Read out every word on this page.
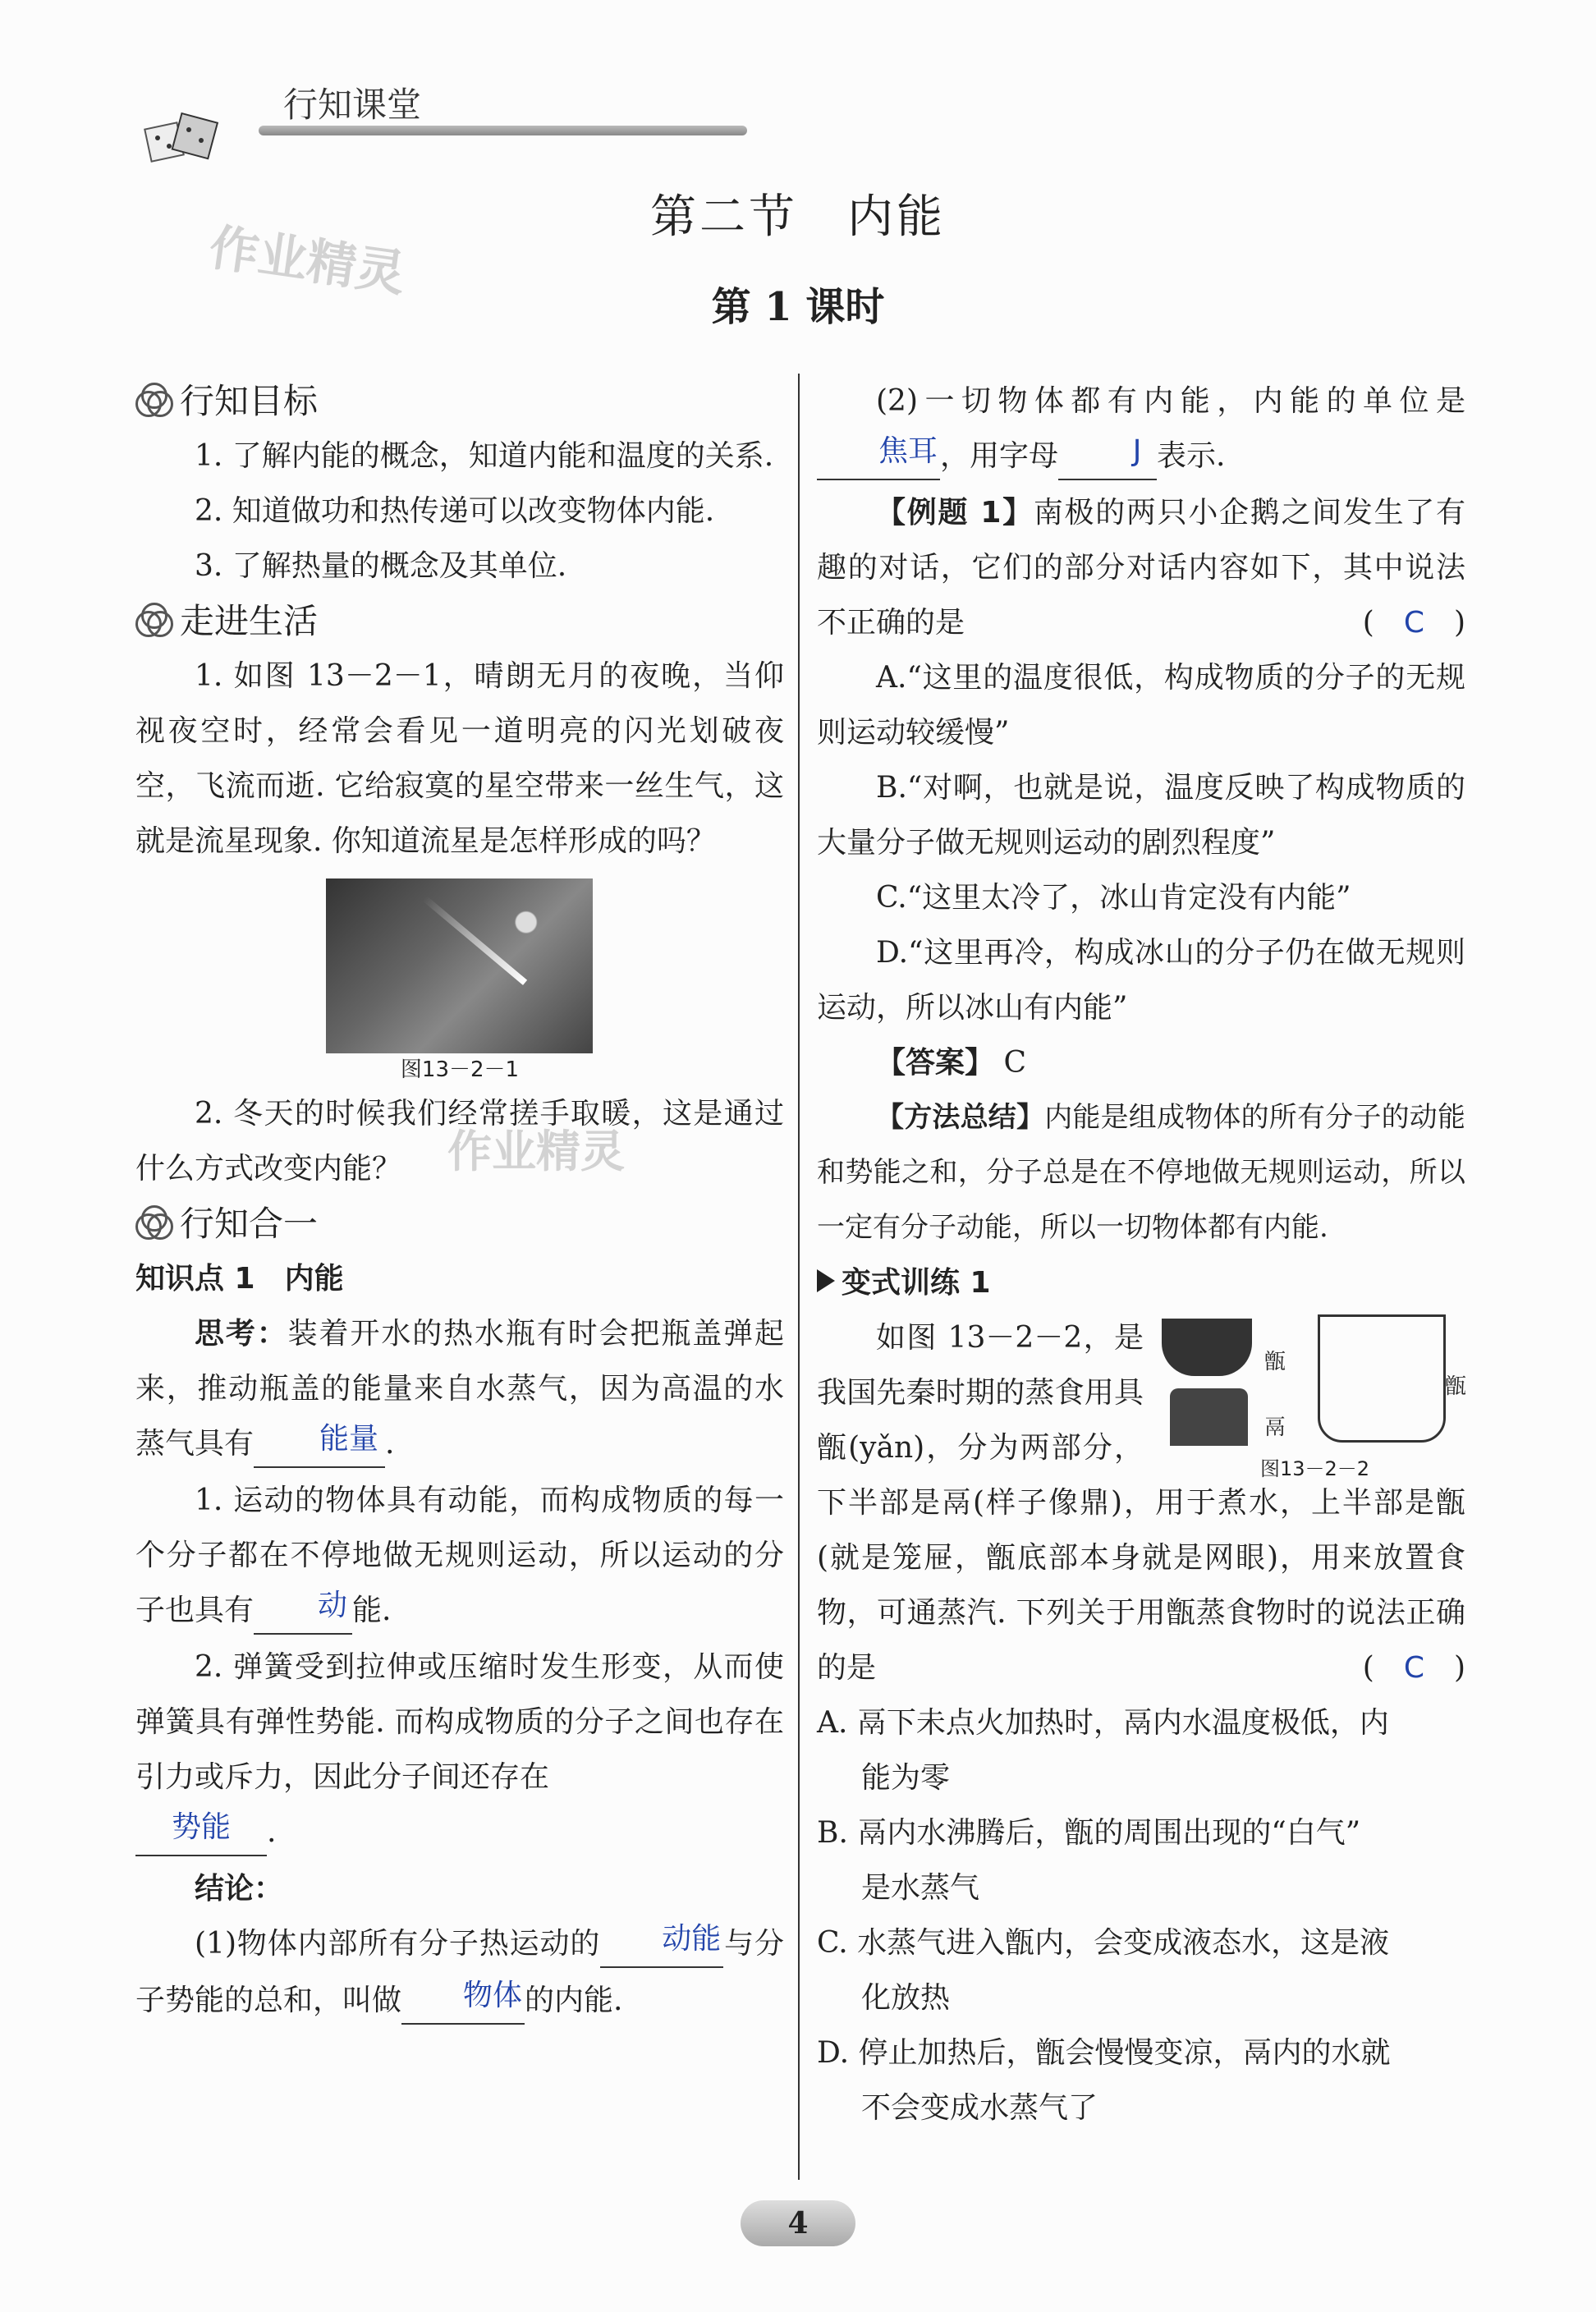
行知课堂
作业精灵
第二节　内能
第 1 课时
行知目标

1. 了解内能的概念，知道内能和温度的关系.

2. 知道做功和热传递可以改变物体内能.

3. 了解热量的概念及其单位.

走进生活

1. 如图 13－2－1，晴朗无月的夜晚，当仰视夜空时，经常会看见一道明亮的闪光划破夜空，飞流而逝. 它给寂寞的星空带来一丝生气，这就是流星现象. 你知道流星是怎样形成的吗？

图13－2－1

2. 冬天的时候我们经常搓手取暖，这是通过什么方式改变内能？

行知合一

知识点 1　内能

思考：装着开水的热水瓶有时会把瓶盖弹起来，推动瓶盖的能量来自水蒸气，因为高温的水蒸气具有 能量 .

1. 运动的物体具有动能，而构成物质的每一个分子都在不停地做无规则运动，所以运动的分子也具有 动 能.

2. 弹簧受到拉伸或压缩时发生形变，从而使弹簧具有弹性势能. 而构成物质的分子之间也存在引力或斥力，因此分子间还存在

势能 .

结论：

(1)物体内部所有分子热运动的 动能与分子势能的总和，叫做 物体的内能.

作业精灵

(2)一切物体都有内能，内能的单位是焦耳，用字母	J 表示.

【例题 1】南极的两只小企鹅之间发生了有趣的对话，它们的部分对话内容如下，其中说法不正确的是	(　C　)

A.“这里的温度很低，构成物质的分子的无规则运动较缓慢”

B.“对啊，也就是说，温度反映了构成物质的大量分子做无规则运动的剧烈程度”

C.“这里太冷了，冰山肯定没有内能”

D.“这里再冷，构成冰山的分子仍在做无规则运动，所以冰山有内能”

【答案】 C

【方法总结】内能是组成物体的所有分子的动能和势能之和，分子总是在不停地做无规则运动，所以一定有分子动能，所以一切物体都有内能.

变式训练 1

甑
鬲
甑
图13－2－2

如图 13－2－2，是我国先秦时期的蒸食用具甑(yǎn)，分为两部分，下半部是鬲(样子像鼎)，用于煮水，上半部是甑(就是笼屉，甑底部本身就是网眼)，用来放置食物，可通蒸汽. 下列关于用甑蒸食物时的说法正确的是	(　C　)

A. 鬲下未点火加热时，鬲内水温度极低，内

能为零

B. 鬲内水沸腾后，甑的周围出现的“白气”

是水蒸气

C. 水蒸气进入甑内，会变成液态水，这是液

化放热

D. 停止加热后，甑会慢慢变凉，鬲内的水就

不会变成水蒸气了

4
